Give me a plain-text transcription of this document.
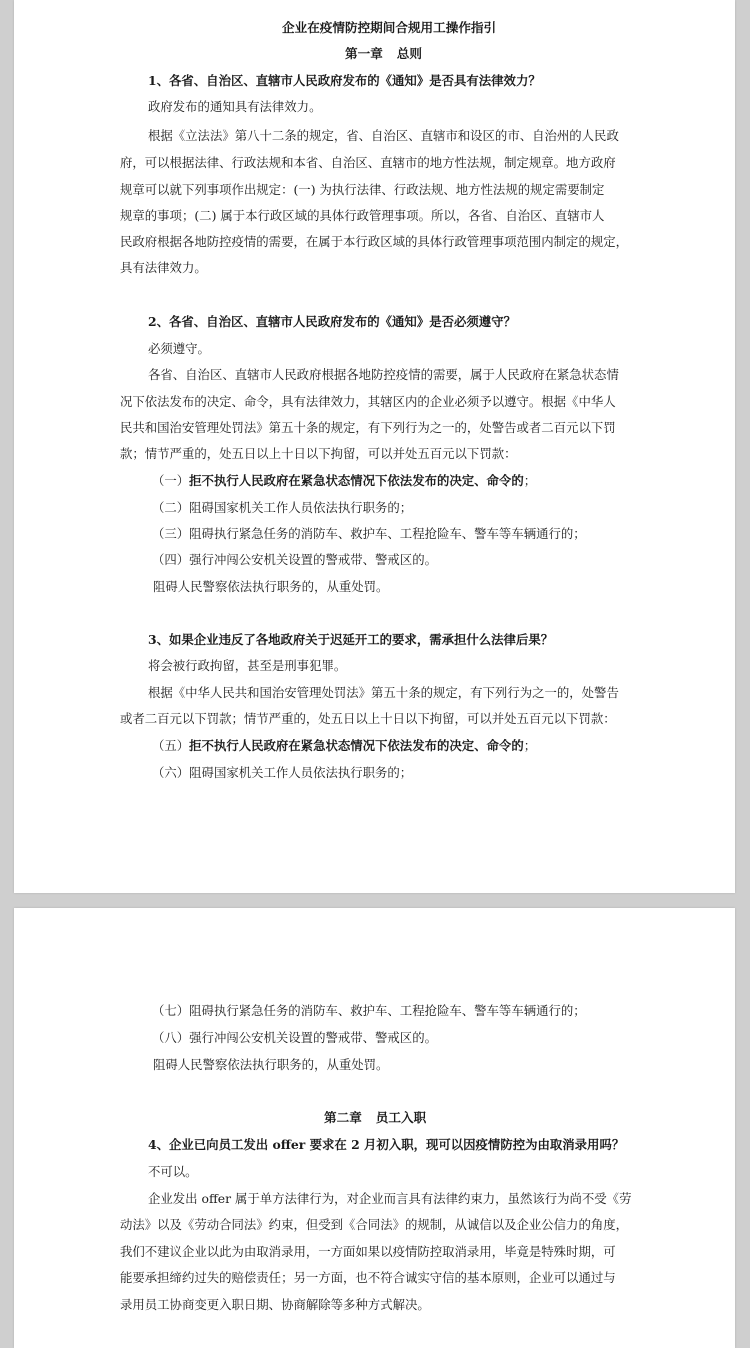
企业在疫情防控期间合规用工操作指引
第一章 总则
1、各省、自治区、直辖市人民政府发布的《通知》是否具有法律效力？
政府发布的通知具有法律效力。
根据《立法法》第八十二条的规定，省、自治区、直辖市和设区的市、自治州的人民政
府，可以根据法律、行政法规和本省、自治区、直辖市的地方性法规，制定规章。地方政府
规章可以就下列事项作出规定：(一) 为执行法律、行政法规、地方性法规的规定需要制定
规章的事项；(二) 属于本行政区域的具体行政管理事项。所以，各省、自治区、直辖市人
民政府根据各地防控疫情的需要，在属于本行政区域的具体行政管理事项范围内制定的规定，
具有法律效力。
2、各省、自治区、直辖市人民政府发布的《通知》是否必须遵守？
必须遵守。
各省、自治区、直辖市人民政府根据各地防控疫情的需要，属于人民政府在紧急状态情
况下依法发布的决定、命令，具有法律效力，其辖区内的企业必须予以遵守。根据《中华人
民共和国治安管理处罚法》第五十条的规定，有下列行为之一的，处警告或者二百元以下罚
款；情节严重的，处五日以上十日以下拘留，可以并处五百元以下罚款：
（一）拒不执行人民政府在紧急状态情况下依法发布的决定、命令的；
（二）阻碍国家机关工作人员依法执行职务的；
（三）阻碍执行紧急任务的消防车、救护车、工程抢险车、警车等车辆通行的；
（四）强行冲闯公安机关设置的警戒带、警戒区的。
阻碍人民警察依法执行职务的，从重处罚。
3、如果企业违反了各地政府关于迟延开工的要求，需承担什么法律后果？
将会被行政拘留，甚至是刑事犯罪。
根据《中华人民共和国治安管理处罚法》第五十条的规定，有下列行为之一的，处警告
或者二百元以下罚款；情节严重的，处五日以上十日以下拘留，可以并处五百元以下罚款：
（五）拒不执行人民政府在紧急状态情况下依法发布的决定、命令的；
（六）阻碍国家机关工作人员依法执行职务的；
（七）阻碍执行紧急任务的消防车、救护车、工程抢险车、警车等车辆通行的；
（八）强行冲闯公安机关设置的警戒带、警戒区的。
阻碍人民警察依法执行职务的，从重处罚。
第二章 员工入职
4、企业已向员工发出 offer 要求在 2 月初入职，现可以因疫情防控为由取消录用吗？
不可以。
企业发出 offer 属于单方法律行为，对企业而言具有法律约束力，虽然该行为尚不受《劳
动法》以及《劳动合同法》约束，但受到《合同法》的规制，从诚信以及企业公信力的角度，
我们不建议企业以此为由取消录用，一方面如果以疫情防控取消录用，毕竟是特殊时期，可
能要承担缔约过失的赔偿责任；另一方面，也不符合诚实守信的基本原则，企业可以通过与
录用员工协商变更入职日期、协商解除等多种方式解决。
